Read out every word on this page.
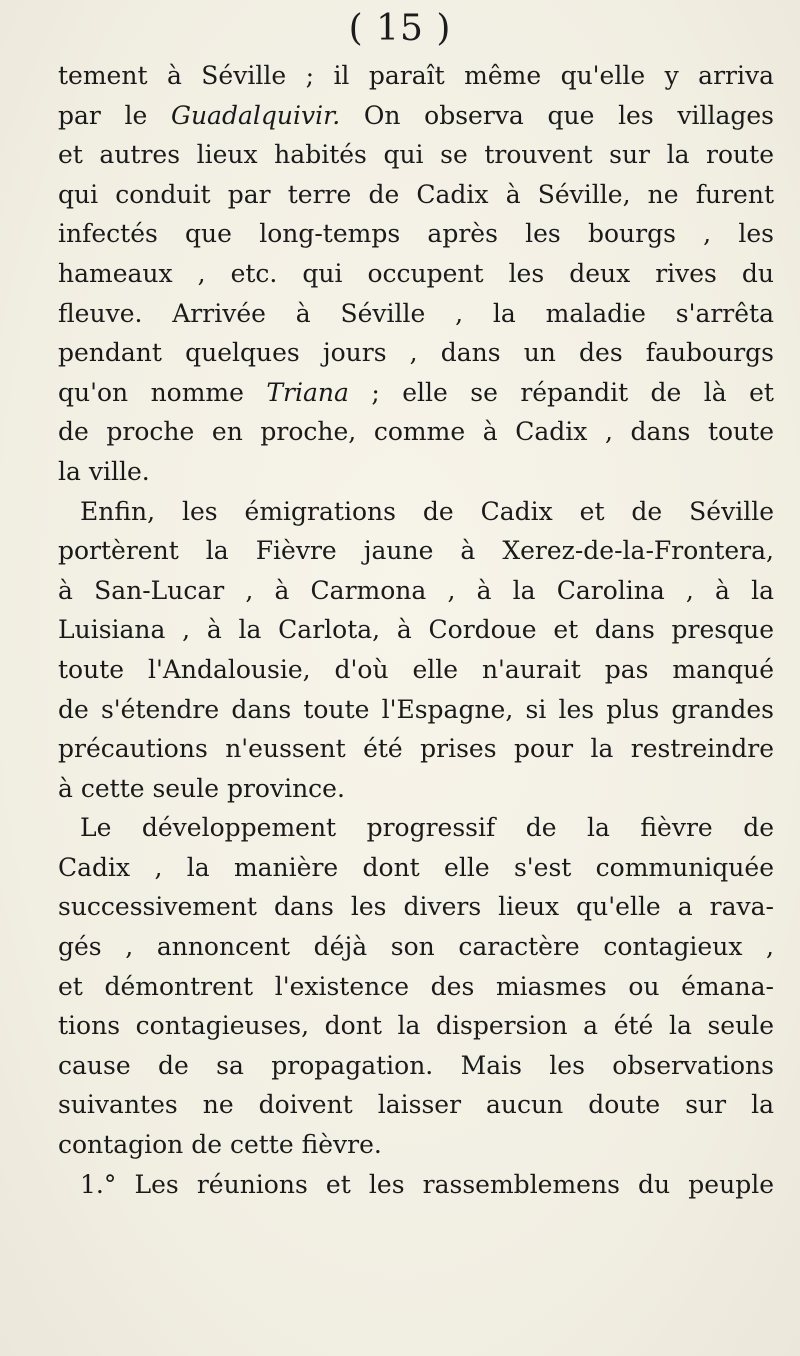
( 15 )
tement à Séville ; il paraît même qu'elle y arriva
par le Guadalquivir. On observa que les villages
et autres lieux habités qui se trouvent sur la route
qui conduit par terre de Cadix à Séville, ne furent
infectés que long-temps après les bourgs , les
hameaux , etc. qui occupent les deux rives du
fleuve. Arrivée à Séville , la maladie s'arrêta
pendant quelques jours , dans un des faubourgs
qu'on nomme Triana ; elle se répandit de là et
de proche en proche, comme à Cadix , dans toute
la ville.
Enfin, les émigrations de Cadix et de Séville
portèrent la Fièvre jaune à Xerez-de-la-Frontera,
à San-Lucar , à Carmona , à la Carolina , à la
Luisiana , à la Carlota, à Cordoue et dans presque
toute l'Andalousie, d'où elle n'aurait pas manqué
de s'étendre dans toute l'Espagne, si les plus grandes
précautions n'eussent été prises pour la restreindre
à cette seule province.
Le développement progressif de la fièvre de
Cadix , la manière dont elle s'est communiquée
successivement dans les divers lieux qu'elle a rava-
gés , annoncent déjà son caractère contagieux ,
et démontrent l'existence des miasmes ou émana-
tions contagieuses, dont la dispersion a été la seule
cause de sa propagation. Mais les observations
suivantes ne doivent laisser aucun doute sur la
contagion de cette fièvre.
1.° Les réunions et les rassemblemens du peuple
